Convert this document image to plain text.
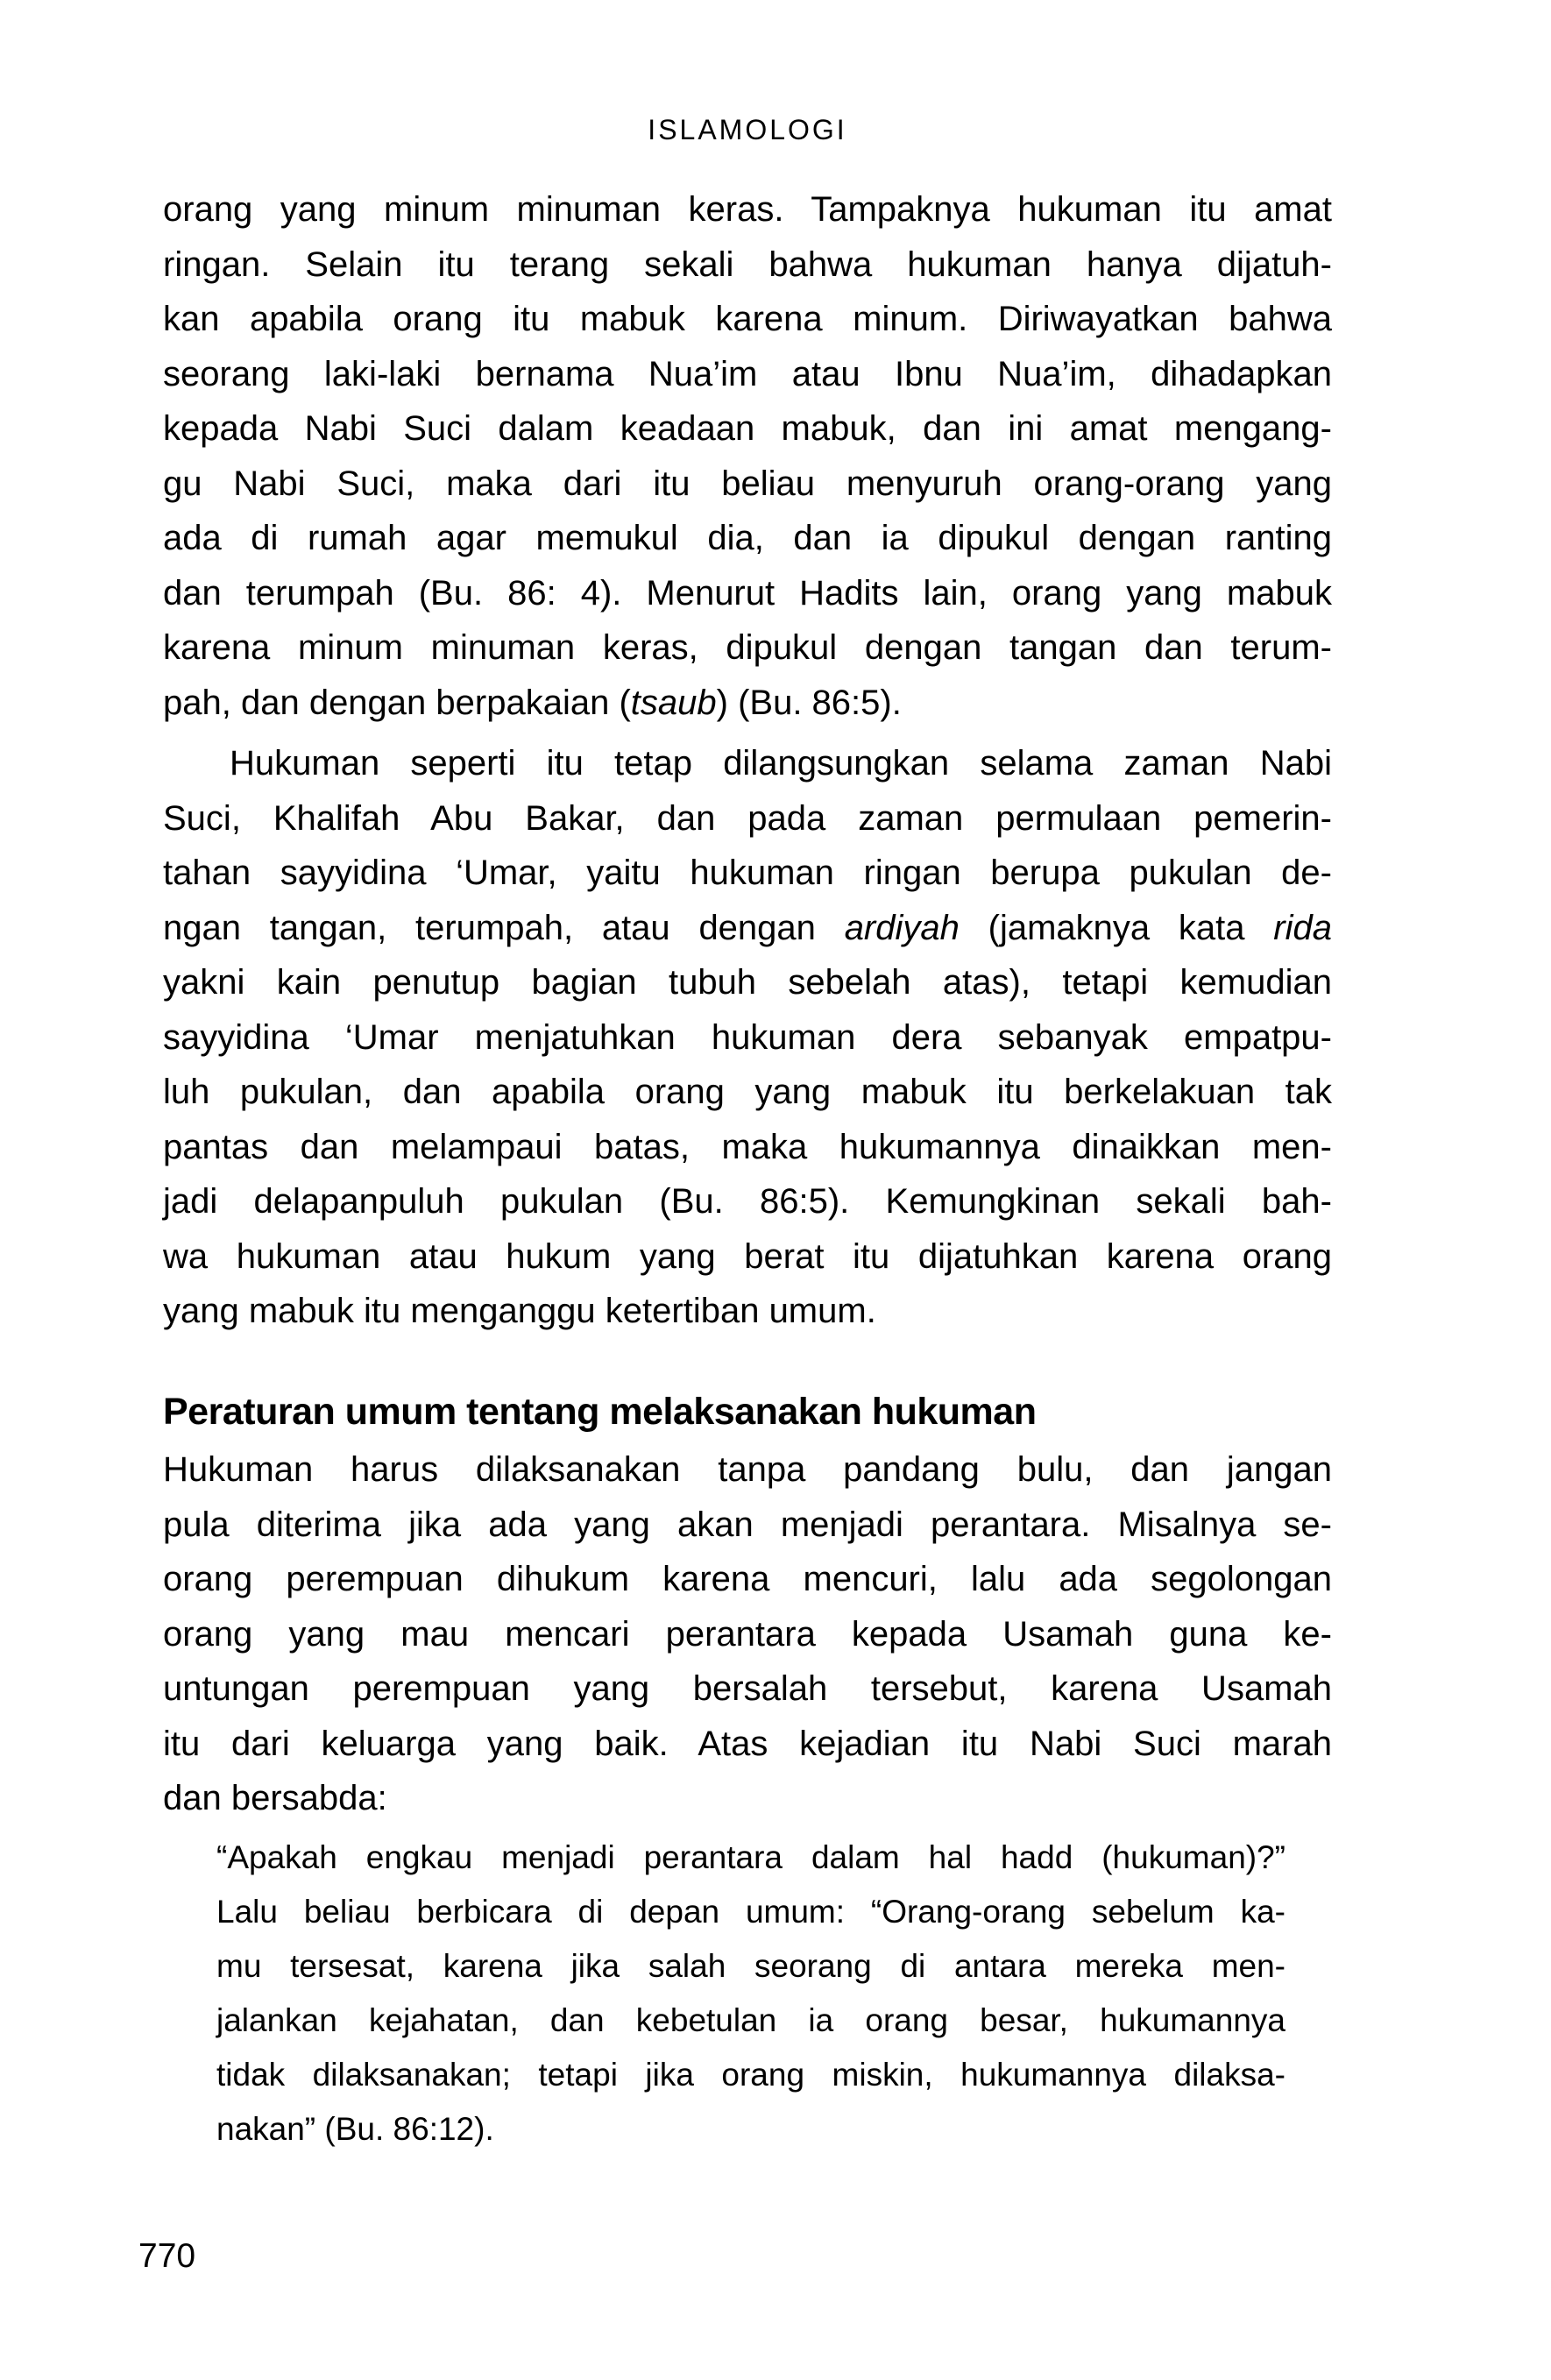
ISLAMOLOGI
orang yang minum minuman keras. Tampaknya hukuman itu amat
ringan. Selain itu terang sekali bahwa hukuman hanya dijatuh-
kan apabila orang itu mabuk karena minum. Diriwayatkan bahwa
seorang laki-laki bernama Nua’im atau Ibnu Nua’im, dihadapkan
kepada Nabi Suci dalam keadaan mabuk, dan ini amat mengang-
gu Nabi Suci, maka dari itu beliau menyuruh orang-orang yang
ada di rumah agar memukul dia, dan ia dipukul dengan ranting
dan terumpah (Bu. 86: 4). Menurut Hadits lain, orang yang mabuk
karena minum minuman keras, dipukul dengan tangan dan terum-
pah, dan dengan berpakaian (tsaub) (Bu. 86:5).
Hukuman seperti itu tetap dilangsungkan selama zaman Nabi
Suci, Khalifah Abu Bakar, dan pada zaman permulaan pemerin-
tahan sayyidina ‘Umar, yaitu hukuman ringan berupa pukulan de-
ngan tangan, terumpah, atau dengan ardiyah (jamaknya kata rida
yakni kain penutup bagian tubuh sebelah atas), tetapi kemudian
sayyidina ‘Umar menjatuhkan hukuman dera sebanyak empatpu-
luh pukulan, dan apabila orang yang mabuk itu berkelakuan tak
pantas dan melampaui batas, maka hukumannya dinaikkan men-
jadi delapanpuluh pukulan (Bu. 86:5). Kemungkinan sekali bah-
wa hukuman atau hukum yang berat itu dijatuhkan karena orang
yang mabuk itu menganggu ketertiban umum.
Peraturan umum tentang melaksanakan hukuman
Hukuman harus dilaksanakan tanpa pandang bulu, dan jangan
pula diterima jika ada yang akan menjadi perantara. Misalnya se-
orang perempuan dihukum karena mencuri, lalu ada segolongan
orang yang mau mencari perantara kepada Usamah guna ke-
untungan perempuan yang bersalah tersebut, karena Usamah
itu dari keluarga yang baik. Atas kejadian itu Nabi Suci marah
dan bersabda:
“Apakah engkau menjadi perantara dalam hal hadd (hukuman)?”
Lalu beliau berbicara di depan umum: “Orang-orang sebelum ka-
mu tersesat, karena jika salah seorang di antara mereka men-
jalankan kejahatan, dan kebetulan ia orang besar, hukumannya
tidak dilaksanakan; tetapi jika orang miskin, hukumannya dilaksa-
nakan” (Bu. 86:12).
770
